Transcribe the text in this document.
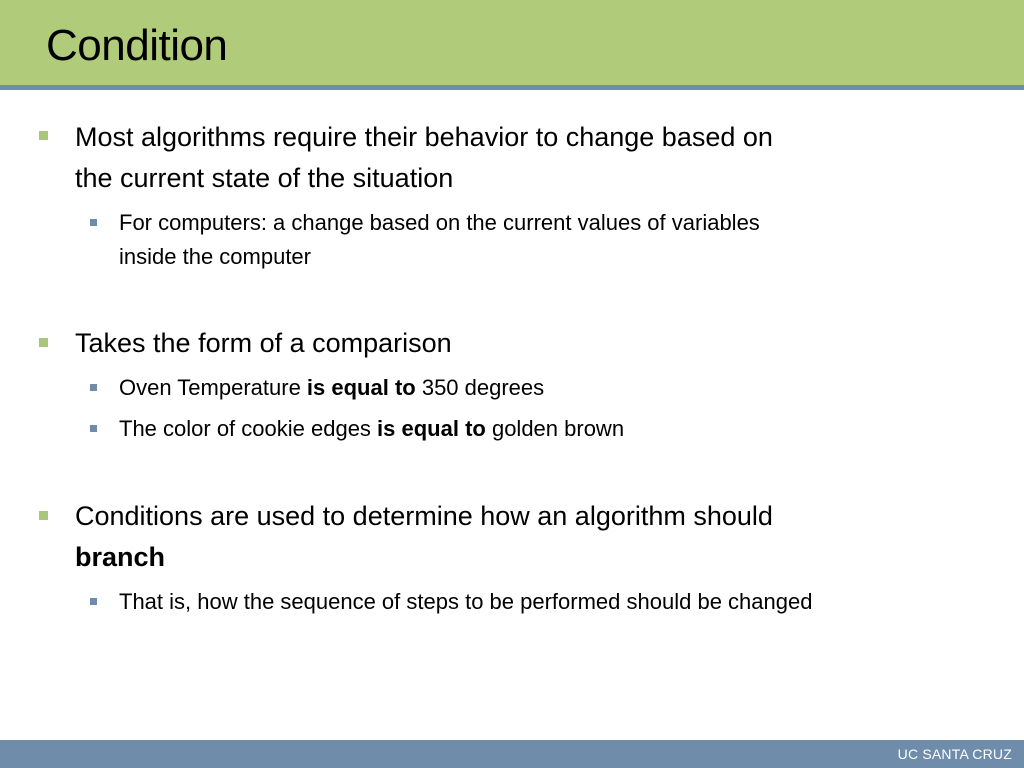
Condition
Most algorithms require their behavior to change based on
the current state of the situation
For computers: a change based on the current values of variables
inside the computer
Takes the form of a comparison
Oven Temperature is equal to 350 degrees
The color of cookie edges is equal to golden brown
Conditions are used to determine how an algorithm should
branch
That is, how the sequence of steps to be performed should be changed
UC SANTA CRUZ
